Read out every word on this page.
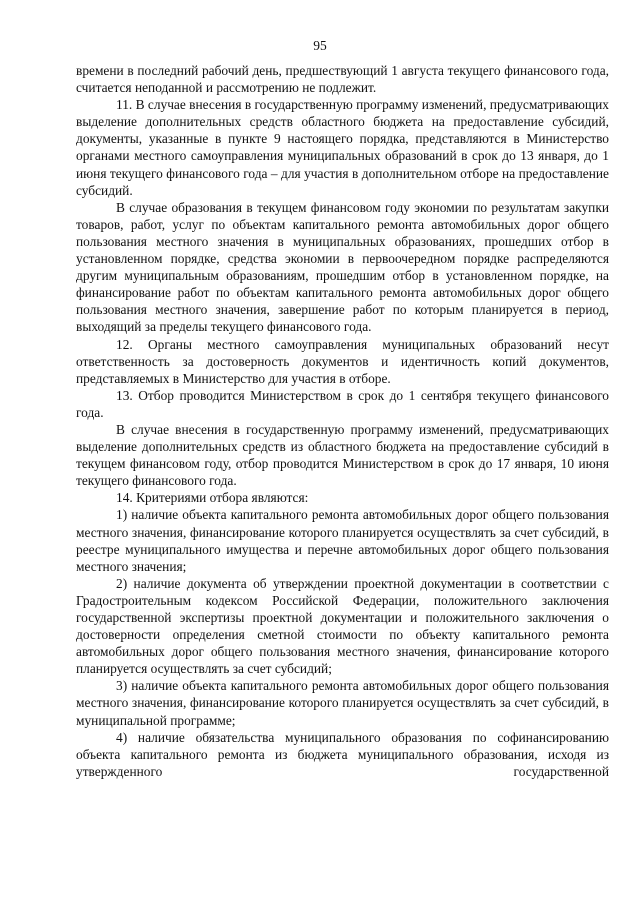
95

времени в последний рабочий день, предшествующий 1 августа текущего финансового года, считается неподанной и рассмотрению не подлежит.

11. В случае внесения в государственную программу изменений, предусматривающих выделение дополнительных средств областного бюджета на предоставление субсидий, документы, указанные в пункте 9 настоящего порядка, представляются в Министерство органами местного самоуправления муниципальных образований в срок до 13 января, до 1 июня текущего финансового года – для участия в дополнительном отборе на предоставление субсидий.

В случае образования в текущем финансовом году экономии по результатам закупки товаров, работ, услуг по объектам капитального ремонта автомобильных дорог общего пользования местного значения в муниципальных образованиях, прошедших отбор в установленном порядке, средства экономии в первоочередном порядке распределяются другим муниципальным образованиям, прошедшим отбор в установленном порядке, на финансирование работ по объектам капитального ремонта автомобильных дорог общего пользования местного значения, завершение работ по которым планируется в период, выходящий за пределы текущего финансового года.

12. Органы местного самоуправления муниципальных образований несут ответственность за достоверность документов и идентичность копий документов, представляемых в Министерство для участия в отборе.

13. Отбор проводится Министерством в срок до 1 сентября текущего финансового года.

В случае внесения в государственную программу изменений, предусматривающих выделение дополнительных средств из областного бюджета на предоставление субсидий в текущем финансовом году, отбор проводится Министерством в срок до 17 января, 10 июня текущего финансового года.

14. Критериями отбора являются:

1) наличие объекта капитального ремонта автомобильных дорог общего пользования местного значения, финансирование которого планируется осуществлять за счет субсидий, в реестре муниципального имущества и перечне автомобильных дорог общего пользования местного значения;

2) наличие документа об утверждении проектной документации в соответствии с Градостроительным кодексом Российской Федерации, положительного заключения государственной экспертизы проектной документации и положительного заключения о достоверности определения сметной стоимости по объекту капитального ремонта автомобильных дорог общего пользования местного значения, финансирование которого планируется осуществлять за счет субсидий;

3) наличие объекта капитального ремонта автомобильных дорог общего пользования местного значения, финансирование которого планируется осуществлять за счет субсидий, в муниципальной программе;

4) наличие обязательства муниципального образования по софинансированию объекта капитального ремонта из бюджета муниципального образования, исходя из утвержденного государственной
